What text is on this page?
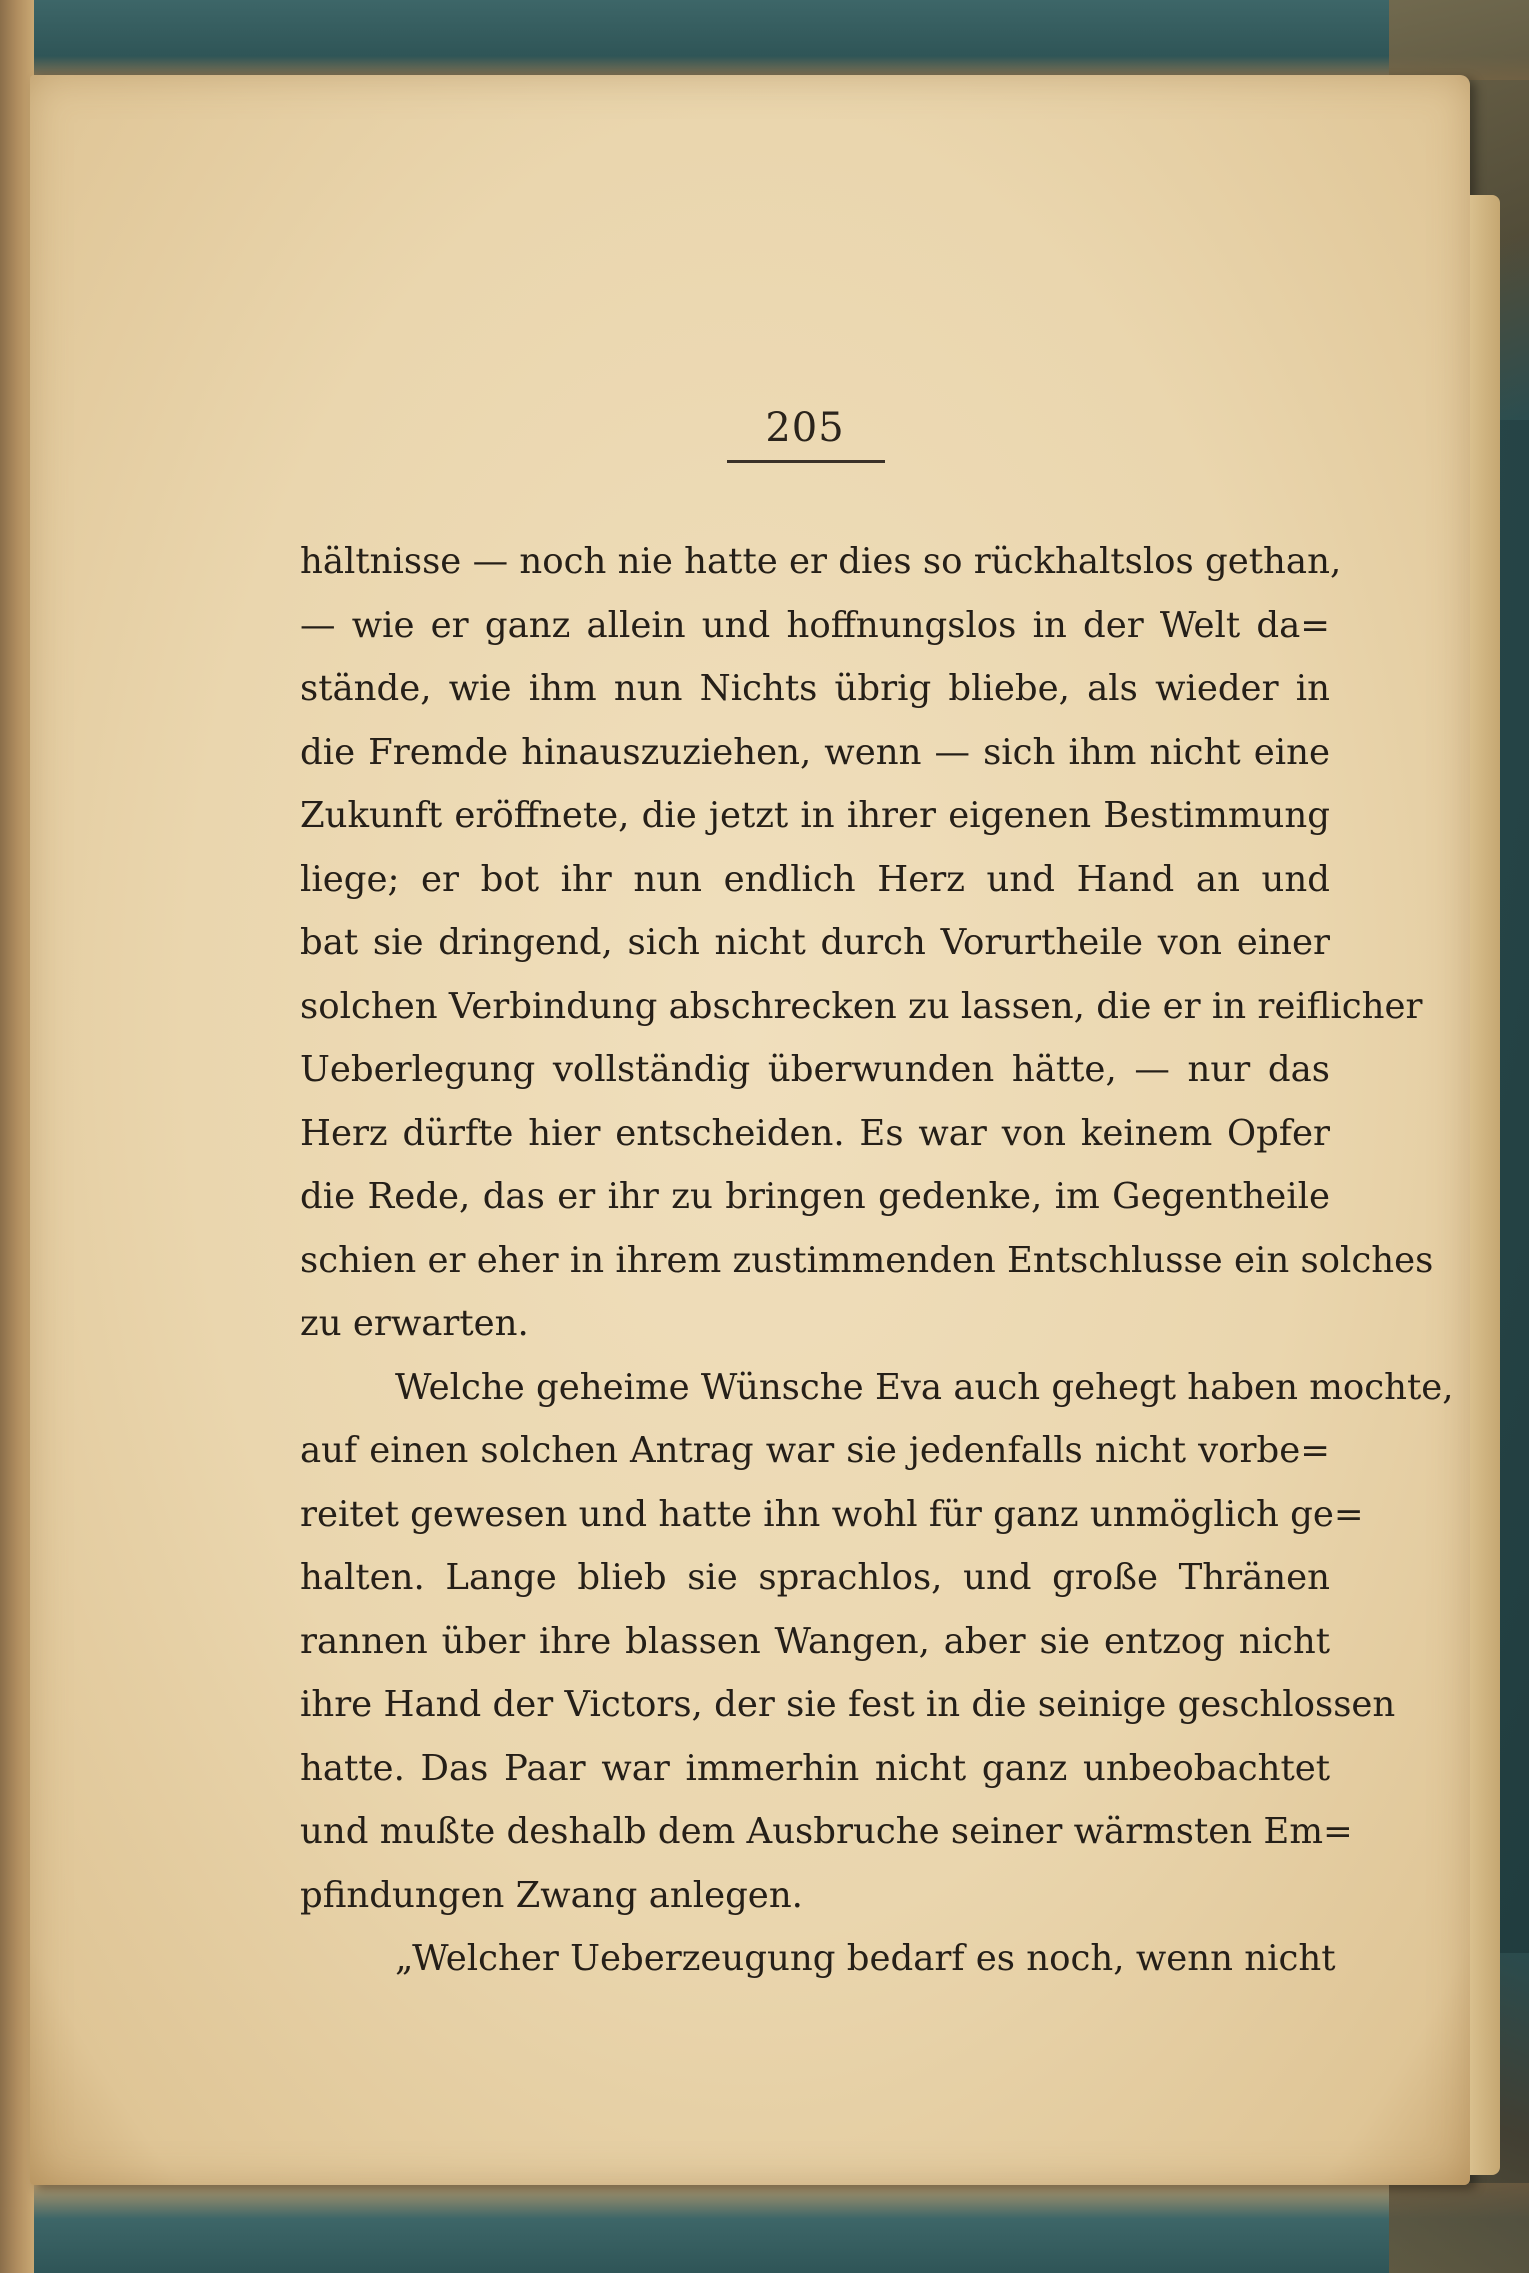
205
hältnisse — noch nie hatte er dies so rückhaltslos gethan,
— wie er ganz allein und hoffnungslos in der Welt da=
stände, wie ihm nun Nichts übrig bliebe, als wieder in
die Fremde hinauszuziehen, wenn — sich ihm nicht eine
Zukunft eröffnete, die jetzt in ihrer eigenen Bestimmung
liege; er bot ihr nun endlich Herz und Hand an und
bat sie dringend, sich nicht durch Vorurtheile von einer
solchen Verbindung abschrecken zu lassen, die er in reiflicher
Ueberlegung vollständig überwunden hätte, — nur das
Herz dürfte hier entscheiden. Es war von keinem Opfer
die Rede, das er ihr zu bringen gedenke, im Gegentheile
schien er eher in ihrem zustimmenden Entschlusse ein solches
zu erwarten.
Welche geheime Wünsche Eva auch gehegt haben mochte,
auf einen solchen Antrag war sie jedenfalls nicht vorbe=
reitet gewesen und hatte ihn wohl für ganz unmöglich ge=
halten. Lange blieb sie sprachlos, und große Thränen
rannen über ihre blassen Wangen, aber sie entzog nicht
ihre Hand der Victors, der sie fest in die seinige geschlossen
hatte. Das Paar war immerhin nicht ganz unbeobachtet
und mußte deshalb dem Ausbruche seiner wärmsten Em=
pfindungen Zwang anlegen.
„Welcher Ueberzeugung bedarf es noch, wenn nicht
